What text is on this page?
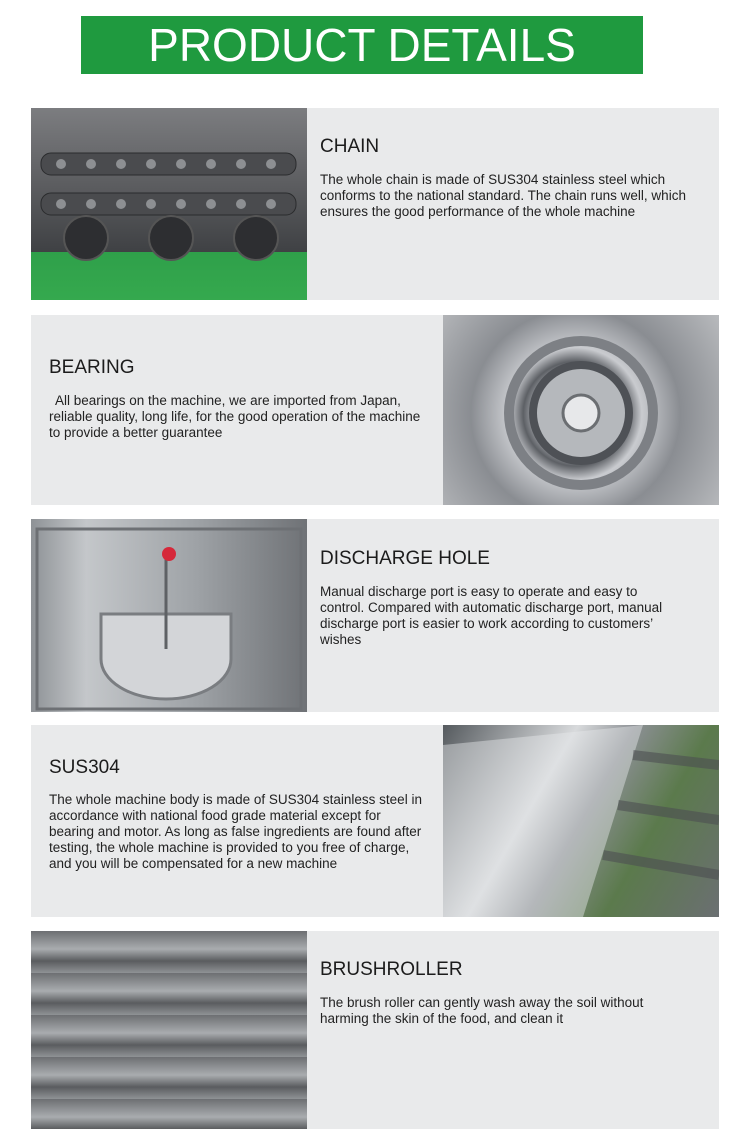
PRODUCT DETAILS
CHAIN

The whole chain is made of SUS304 stainless steel which conforms to the national standard. The chain runs well, which ensures the good performance of the whole machine

BEARING

All bearings on the machine, we are imported from Japan, reliable quality, long life, for the good operation of the machine to provide a better guarantee

DISCHARGE HOLE

Manual discharge port is easy to operate and easy to control. Compared with automatic discharge port, manual discharge port is easier to work according to customers’ wishes

SUS304

The whole machine body is made of SUS304 stainless steel in accordance with national food grade material except for bearing and motor. As long as false ingredients are found after testing, the whole machine is provided to you free of charge, and you will be compensated for a new machine

BRUSHROLLER

The brush roller can gently wash away the soil without harming the skin of the food, and clean it
